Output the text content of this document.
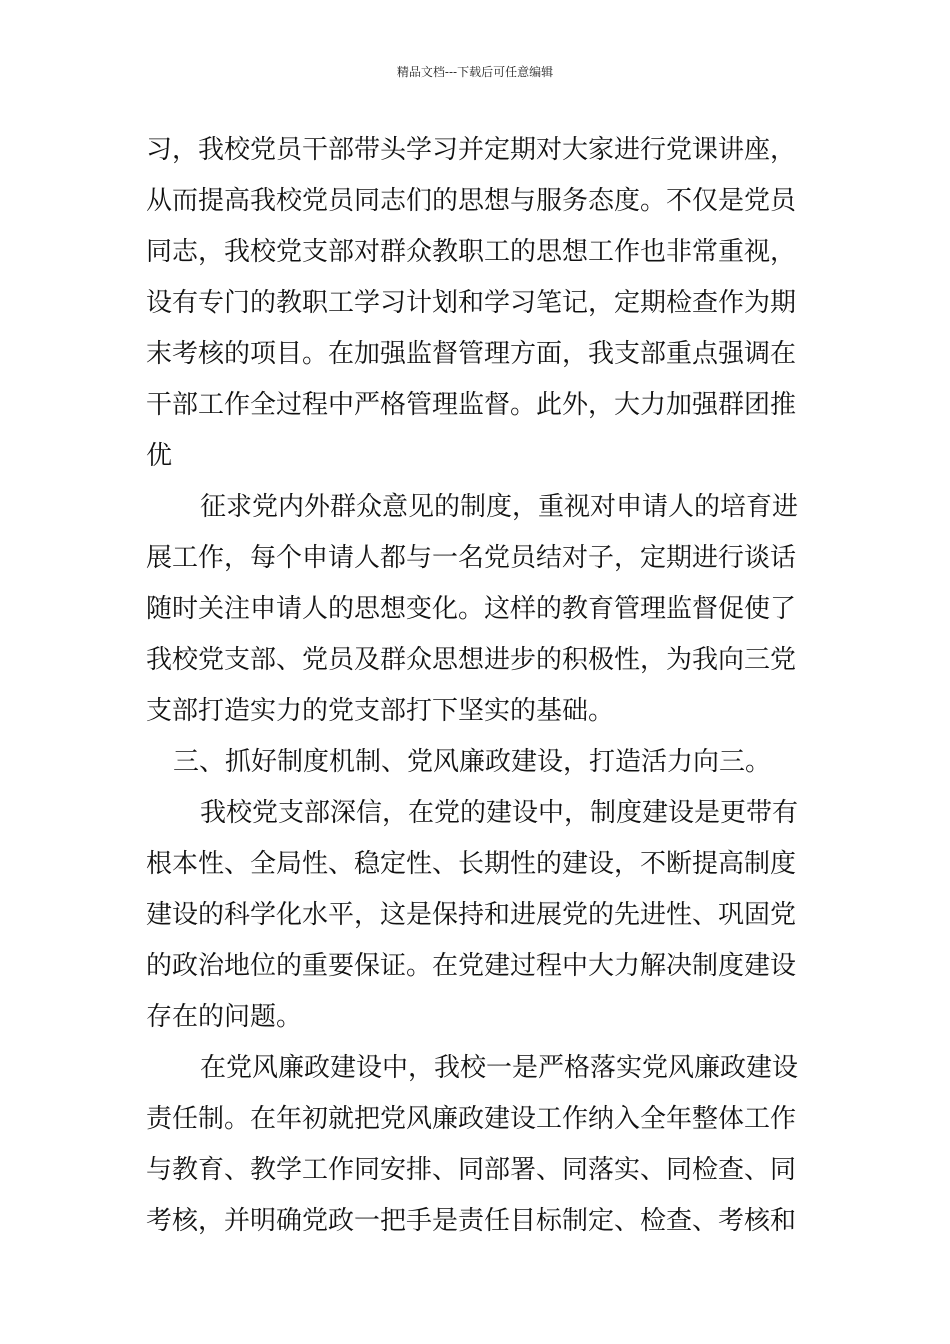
精品文档---下载后可任意编辑
习，我校党员干部带头学习并定期对大家进行党课讲座，
从而提高我校党员同志们的思想与服务态度。不仅是党员
同志，我校党支部对群众教职工的思想工作也非常重视，
设有专门的教职工学习计划和学习笔记，定期检查作为期
末考核的项目。在加强监督管理方面，我支部重点强调在
干部工作全过程中严格管理监督。此外，大力加强群团推
优
征求党内外群众意见的制度，重视对申请人的培育进
展工作，每个申请人都与一名党员结对子，定期进行谈话
随时关注申请人的思想变化。这样的教育管理监督促使了
我校党支部、党员及群众思想进步的积极性，为我向三党
支部打造实力的党支部打下坚实的基础。
三、抓好制度机制、党风廉政建设，打造活力向三。
我校党支部深信，在党的建设中，制度建设是更带有
根本性、全局性、稳定性、长期性的建设，不断提高制度
建设的科学化水平，这是保持和进展党的先进性、巩固党
的政治地位的重要保证。在党建过程中大力解决制度建设
存在的问题。
在党风廉政建设中，我校一是严格落实党风廉政建设
责任制。在年初就把党风廉政建设工作纳入全年整体工作
与教育、教学工作同安排、同部署、同落实、同检查、同
考核，并明确党政一把手是责任目标制定、检查、考核和
